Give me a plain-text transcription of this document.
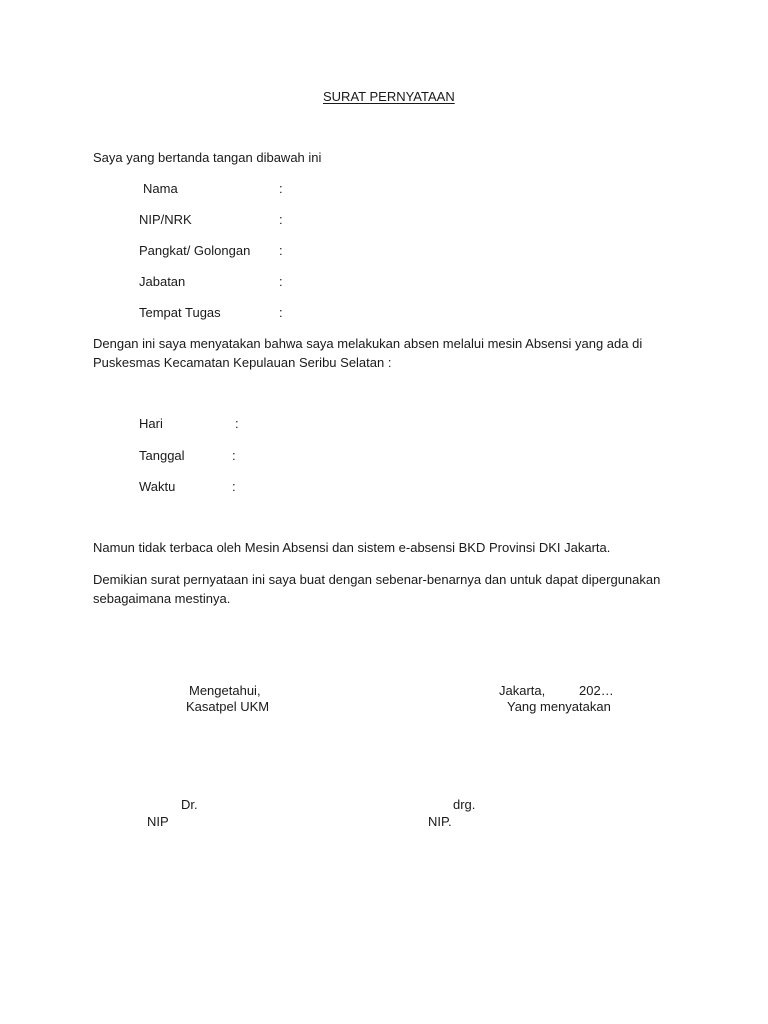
SURAT PERNYATAAN
Saya yang bertanda tangan dibawah ini
Nama	:
NIP/NRK	:
Pangkat/ Golongan :
Jabatan	:
Tempat Tugas	:
Dengan ini saya menyatakan bahwa saya melakukan absen melalui mesin Absensi yang ada di
Puskesmas Kecamatan Kepulauan Seribu Selatan :
Hari	:
Tanggal	:
Waktu	:
Namun tidak terbaca oleh Mesin Absensi dan sistem e-absensi BKD Provinsi DKI Jakarta.
Demikian surat pernyataan ini saya buat dengan sebenar-benarnya dan untuk dapat dipergunakan
sebagaimana mestinya.
Mengetahui,
Kasatpel UKM
Jakarta,	202…
Yang menyatakan
Dr.
NIP
drg.
NIP.
